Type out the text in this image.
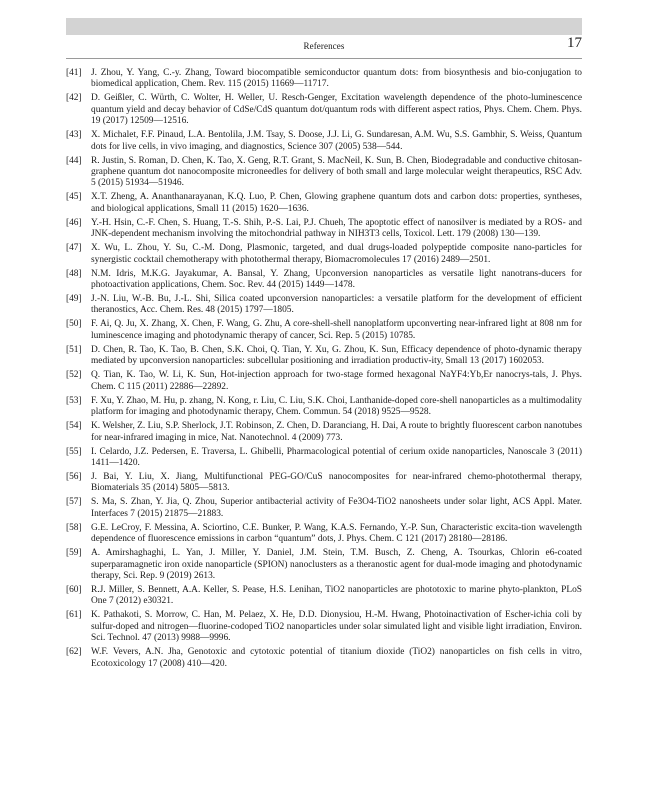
References	17
[41] J. Zhou, Y. Yang, C.-y. Zhang, Toward biocompatible semiconductor quantum dots: from biosynthesis and bio-conjugation to biomedical application, Chem. Rev. 115 (2015) 11669—11717.
[42] D. Geißler, C. Würth, C. Wolter, H. Weller, U. Resch-Genger, Excitation wavelength dependence of the photo-luminescence quantum yield and decay behavior of CdSe/CdS quantum dot/quantum rods with different aspect ratios, Phys. Chem. Chem. Phys. 19 (2017) 12509—12516.
[43] X. Michalet, F.F. Pinaud, L.A. Bentolila, J.M. Tsay, S. Doose, J.J. Li, G. Sundaresan, A.M. Wu, S.S. Gambhir, S. Weiss, Quantum dots for live cells, in vivo imaging, and diagnostics, Science 307 (2005) 538—544.
[44] R. Justin, S. Roman, D. Chen, K. Tao, X. Geng, R.T. Grant, S. MacNeil, K. Sun, B. Chen, Biodegradable and conductive chitosan-graphene quantum dot nanocomposite microneedles for delivery of both small and large molecular weight therapeutics, RSC Adv. 5 (2015) 51934—51946.
[45] X.T. Zheng, A. Ananthanarayanan, K.Q. Luo, P. Chen, Glowing graphene quantum dots and carbon dots: properties, syntheses, and biological applications, Small 11 (2015) 1620—1636.
[46] Y.-H. Hsin, C.-F. Chen, S. Huang, T.-S. Shih, P.-S. Lai, P.J. Chueh, The apoptotic effect of nanosilver is mediated by a ROS- and JNK-dependent mechanism involving the mitochondrial pathway in NIH3T3 cells, Toxicol. Lett. 179 (2008) 130—139.
[47] X. Wu, L. Zhou, Y. Su, C.-M. Dong, Plasmonic, targeted, and dual drugs-loaded polypeptide composite nano-particles for synergistic cocktail chemotherapy with photothermal therapy, Biomacromolecules 17 (2016) 2489—2501.
[48] N.M. Idris, M.K.G. Jayakumar, A. Bansal, Y. Zhang, Upconversion nanoparticles as versatile light nanotrans-ducers for photoactivation applications, Chem. Soc. Rev. 44 (2015) 1449—1478.
[49] J.-N. Liu, W.-B. Bu, J.-L. Shi, Silica coated upconversion nanoparticles: a versatile platform for the development of efficient theranostics, Acc. Chem. Res. 48 (2015) 1797—1805.
[50] F. Ai, Q. Ju, X. Zhang, X. Chen, F. Wang, G. Zhu, A core-shell-shell nanoplatform upconverting near-infrared light at 808 nm for luminescence imaging and photodynamic therapy of cancer, Sci. Rep. 5 (2015) 10785.
[51] D. Chen, R. Tao, K. Tao, B. Chen, S.K. Choi, Q. Tian, Y. Xu, G. Zhou, K. Sun, Efficacy dependence of photo-dynamic therapy mediated by upconversion nanoparticles: subcellular positioning and irradiation productiv-ity, Small 13 (2017) 1602053.
[52] Q. Tian, K. Tao, W. Li, K. Sun, Hot-injection approach for two-stage formed hexagonal NaYF4:Yb,Er nanocrys-tals, J. Phys. Chem. C 115 (2011) 22886—22892.
[53] F. Xu, Y. Zhao, M. Hu, p. zhang, N. Kong, r. Liu, C. Liu, S.K. Choi, Lanthanide-doped core-shell nanoparticles as a multimodality platform for imaging and photodynamic therapy, Chem. Commun. 54 (2018) 9525—9528.
[54] K. Welsher, Z. Liu, S.P. Sherlock, J.T. Robinson, Z. Chen, D. Daranciang, H. Dai, A route to brightly fluorescent carbon nanotubes for near-infrared imaging in mice, Nat. Nanotechnol. 4 (2009) 773.
[55] I. Celardo, J.Z. Pedersen, E. Traversa, L. Ghibelli, Pharmacological potential of cerium oxide nanoparticles, Nanoscale 3 (2011) 1411—1420.
[56] J. Bai, Y. Liu, X. Jiang, Multifunctional PEG-GO/CuS nanocomposites for near-infrared chemo-photothermal therapy, Biomaterials 35 (2014) 5805—5813.
[57] S. Ma, S. Zhan, Y. Jia, Q. Zhou, Superior antibacterial activity of Fe3O4-TiO2 nanosheets under solar light, ACS Appl. Mater. Interfaces 7 (2015) 21875—21883.
[58] G.E. LeCroy, F. Messina, A. Sciortino, C.E. Bunker, P. Wang, K.A.S. Fernando, Y.-P. Sun, Characteristic excita-tion wavelength dependence of fluorescence emissions in carbon “quantum” dots, J. Phys. Chem. C 121 (2017) 28180—28186.
[59] A. Amirshaghaghi, L. Yan, J. Miller, Y. Daniel, J.M. Stein, T.M. Busch, Z. Cheng, A. Tsourkas, Chlorin e6-coated superparamagnetic iron oxide nanoparticle (SPION) nanoclusters as a theranostic agent for dual-mode imaging and photodynamic therapy, Sci. Rep. 9 (2019) 2613.
[60] R.J. Miller, S. Bennett, A.A. Keller, S. Pease, H.S. Lenihan, TiO2 nanoparticles are phototoxic to marine phyto-plankton, PLoS One 7 (2012) e30321.
[61] K. Pathakoti, S. Morrow, C. Han, M. Pelaez, X. He, D.D. Dionysiou, H.-M. Hwang, Photoinactivation of Escher-ichia coli by sulfur-doped and nitrogen—fluorine-codoped TiO2 nanoparticles under solar simulated light and visible light irradiation, Environ. Sci. Technol. 47 (2013) 9988—9996.
[62] W.F. Vevers, A.N. Jha, Genotoxic and cytotoxic potential of titanium dioxide (TiO2) nanoparticles on fish cells in vitro, Ecotoxicology 17 (2008) 410—420.
